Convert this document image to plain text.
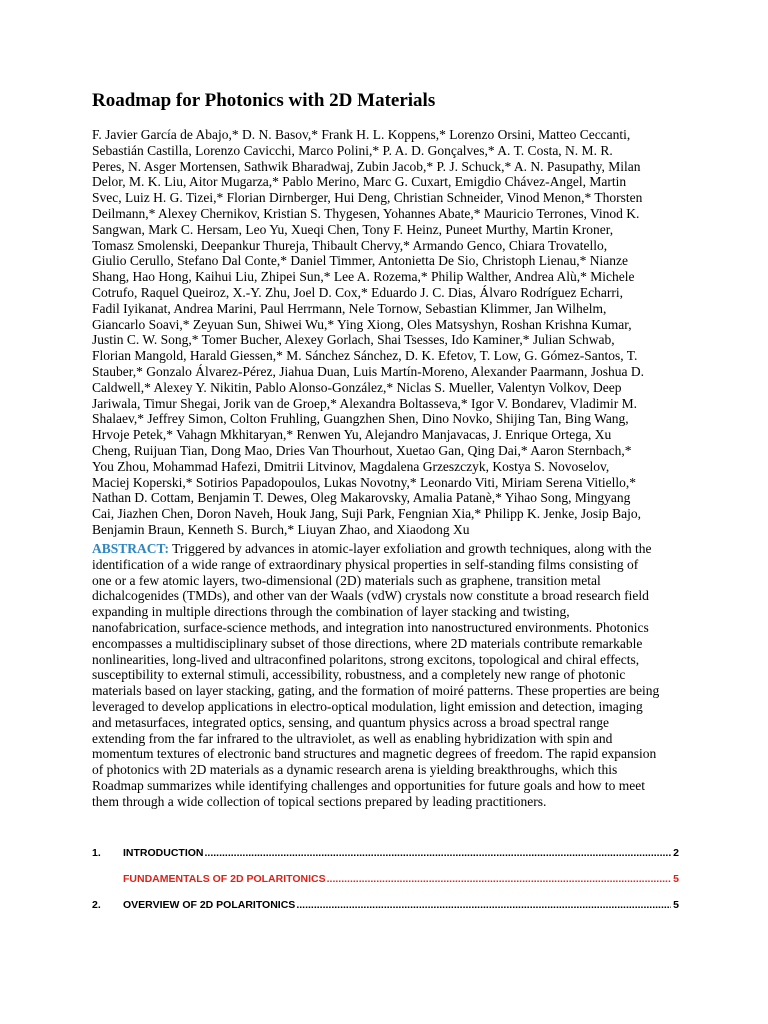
Roadmap for Photonics with 2D Materials
F. Javier García de Abajo,* D. N. Basov,* Frank H. L. Koppens,* Lorenzo Orsini, Matteo Ceccanti,
Sebastián Castilla, Lorenzo Cavicchi, Marco Polini,* P. A. D. Gonçalves,* A. T. Costa, N. M. R.
Peres, N. Asger Mortensen, Sathwik Bharadwaj, Zubin Jacob,* P. J. Schuck,* A. N. Pasupathy, Milan
Delor, M. K. Liu, Aitor Mugarza,* Pablo Merino, Marc G. Cuxart, Emigdio Chávez-Angel, Martin
Svec, Luiz H. G. Tizei,* Florian Dirnberger, Hui Deng, Christian Schneider, Vinod Menon,* Thorsten
Deilmann,* Alexey Chernikov, Kristian S. Thygesen, Yohannes Abate,* Mauricio Terrones, Vinod K.
Sangwan, Mark C. Hersam, Leo Yu, Xueqi Chen, Tony F. Heinz, Puneet Murthy, Martin Kroner,
Tomasz Smolenski, Deepankur Thureja, Thibault Chervy,* Armando Genco, Chiara Trovatello,
Giulio Cerullo, Stefano Dal Conte,* Daniel Timmer, Antonietta De Sio, Christoph Lienau,* Nianze
Shang, Hao Hong, Kaihui Liu, Zhipei Sun,* Lee A. Rozema,* Philip Walther, Andrea Alù,* Michele
Cotrufo, Raquel Queiroz, X.-Y. Zhu, Joel D. Cox,* Eduardo J. C. Dias, Álvaro Rodríguez Echarri,
Fadil Iyikanat, Andrea Marini, Paul Herrmann, Nele Tornow, Sebastian Klimmer, Jan Wilhelm,
Giancarlo Soavi,* Zeyuan Sun, Shiwei Wu,* Ying Xiong, Oles Matsyshyn, Roshan Krishna Kumar,
Justin C. W. Song,* Tomer Bucher, Alexey Gorlach, Shai Tsesses, Ido Kaminer,* Julian Schwab,
Florian Mangold, Harald Giessen,* M. Sánchez Sánchez, D. K. Efetov, T. Low, G. Gómez-Santos, T.
Stauber,* Gonzalo Álvarez-Pérez, Jiahua Duan, Luis Martín-Moreno, Alexander Paarmann, Joshua D.
Caldwell,* Alexey Y. Nikitin, Pablo Alonso-González,* Niclas S. Mueller, Valentyn Volkov, Deep
Jariwala, Timur Shegai, Jorik van de Groep,* Alexandra Boltasseva,* Igor V. Bondarev, Vladimir M.
Shalaev,* Jeffrey Simon, Colton Fruhling, Guangzhen Shen, Dino Novko, Shijing Tan, Bing Wang,
Hrvoje Petek,* Vahagn Mkhitaryan,* Renwen Yu, Alejandro Manjavacas, J. Enrique Ortega, Xu
Cheng, Ruijuan Tian, Dong Mao, Dries Van Thourhout, Xuetao Gan, Qing Dai,* Aaron Sternbach,*
You Zhou, Mohammad Hafezi, Dmitrii Litvinov, Magdalena Grzeszczyk, Kostya S. Novoselov,
Maciej Koperski,* Sotirios Papadopoulos, Lukas Novotny,* Leonardo Viti, Miriam Serena Vitiello,*
Nathan D. Cottam, Benjamin T. Dewes, Oleg Makarovsky, Amalia Patanè,* Yihao Song, Mingyang
Cai, Jiazhen Chen, Doron Naveh, Houk Jang, Suji Park, Fengnian Xia,* Philipp K. Jenke, Josip Bajo,
Benjamin Braun, Kenneth S. Burch,* Liuyan Zhao, and Xiaodong Xu
ABSTRACT: Triggered by advances in atomic-layer exfoliation and growth techniques, along with the
identification of a wide range of extraordinary physical properties in self-standing films consisting of
one or a few atomic layers, two-dimensional (2D) materials such as graphene, transition metal
dichalcogenides (TMDs), and other van der Waals (vdW) crystals now constitute a broad research field
expanding in multiple directions through the combination of layer stacking and twisting,
nanofabrication, surface-science methods, and integration into nanostructured environments. Photonics
encompasses a multidisciplinary subset of those directions, where 2D materials contribute remarkable
nonlinearities, long-lived and ultraconfined polaritons, strong excitons, topological and chiral effects,
susceptibility to external stimuli, accessibility, robustness, and a completely new range of photonic
materials based on layer stacking, gating, and the formation of moiré patterns. These properties are being
leveraged to develop applications in electro-optical modulation, light emission and detection, imaging
and metasurfaces, integrated optics, sensing, and quantum physics across a broad spectral range
extending from the far infrared to the ultraviolet, as well as enabling hybridization with spin and
momentum textures of electronic band structures and magnetic degrees of freedom. The rapid expansion
of photonics with 2D materials as a dynamic research arena is yielding breakthroughs, which this
Roadmap summarizes while identifying challenges and opportunities for future goals and how to meet
them through a wide collection of topical sections prepared by leading practitioners.
1.	INTRODUCTION .....	2
FUNDAMENTALS OF 2D POLARITONICS .....	5
2.	OVERVIEW OF 2D POLARITONICS .....	5
